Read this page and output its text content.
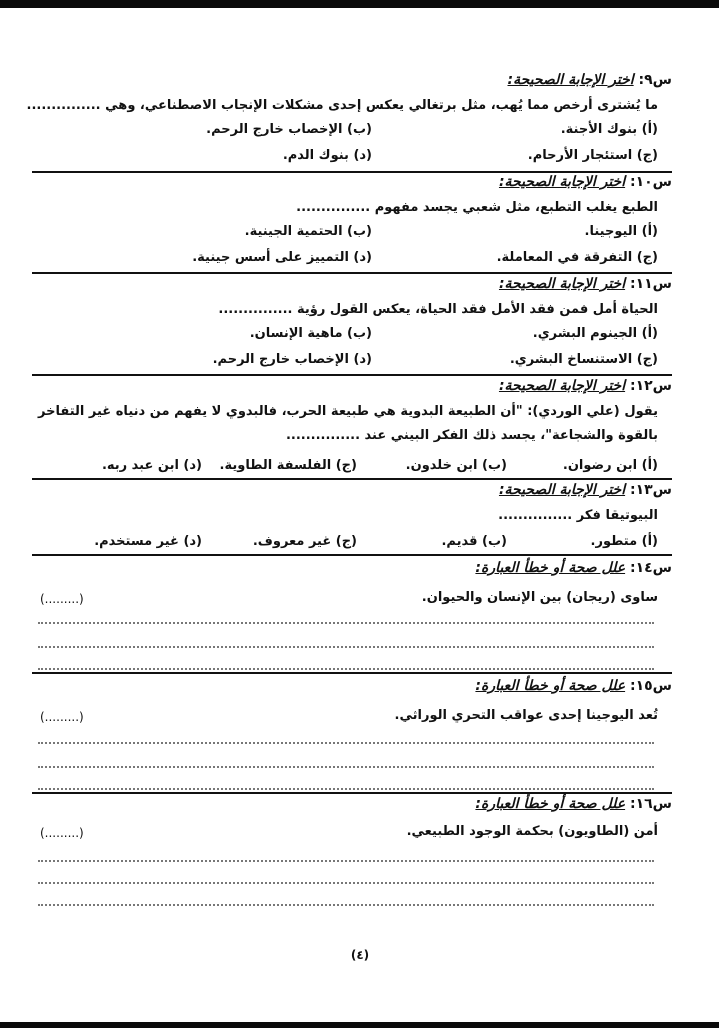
س٩: اختر الإجابة الصحيحة:
ما يُشترى أرخص مما يُهب، مثل برتغالي يعكس إحدى مشكلات الإنجاب الاصطناعي، وهي ...............
(أ) بنوك الأجنة.
(ب) الإخصاب خارج الرحم.
(ج) استئجار الأرحام.
(د) بنوك الدم.
س١٠: اختر الإجابة الصحيحة:
الطبع يغلب التطبع، مثل شعبي يجسد مفهوم ...............
(أ) اليوجينا.
(ب) الحتمية الجينية.
(ج) التفرقة في المعاملة.
(د) التمييز على أسس جينية.
س١١: اختر الإجابة الصحيحة:
الحياة أمل فمن فقد الأمل فقد الحياة، يعكس القول رؤية ...............
(أ) الجينوم البشري.
(ب) ماهية الإنسان.
(ج) الاستنساخ البشري.
(د) الإخصاب خارج الرحم.
س١٢: اختر الإجابة الصحيحة:
يقول (علي الوردي): "أن الطبيعة البدوية هي طبيعة الحرب، فالبدوي لا يفهم من دنياه غير التفاخر بالقوة والشجاعة"، يجسد ذلك الفكر البيني عند ...............
(أ) ابن رضوان.
(ب) ابن خلدون.
(ج) الفلسفة الطاوية.
(د) ابن عبد ربه.
س١٣: اختر الإجابة الصحيحة:
البيوتيقا فكر ...............
(أ) متطور.
(ب) قديم.
(ج) غير معروف.
(د) غير مستخدم.
س١٤: علل صحة أو خطأ العبارة:
ساوى (ريجان) بين الإنسان والحيوان.
(.........)
س١٥: علل صحة أو خطأ العبارة:
تُعد اليوجينا إحدى عواقب التحري الوراثي.
(.........)
س١٦: علل صحة أو خطأ العبارة:
أمن (الطاويون) بحكمة الوجود الطبيعي.
(.........)
(٤)
